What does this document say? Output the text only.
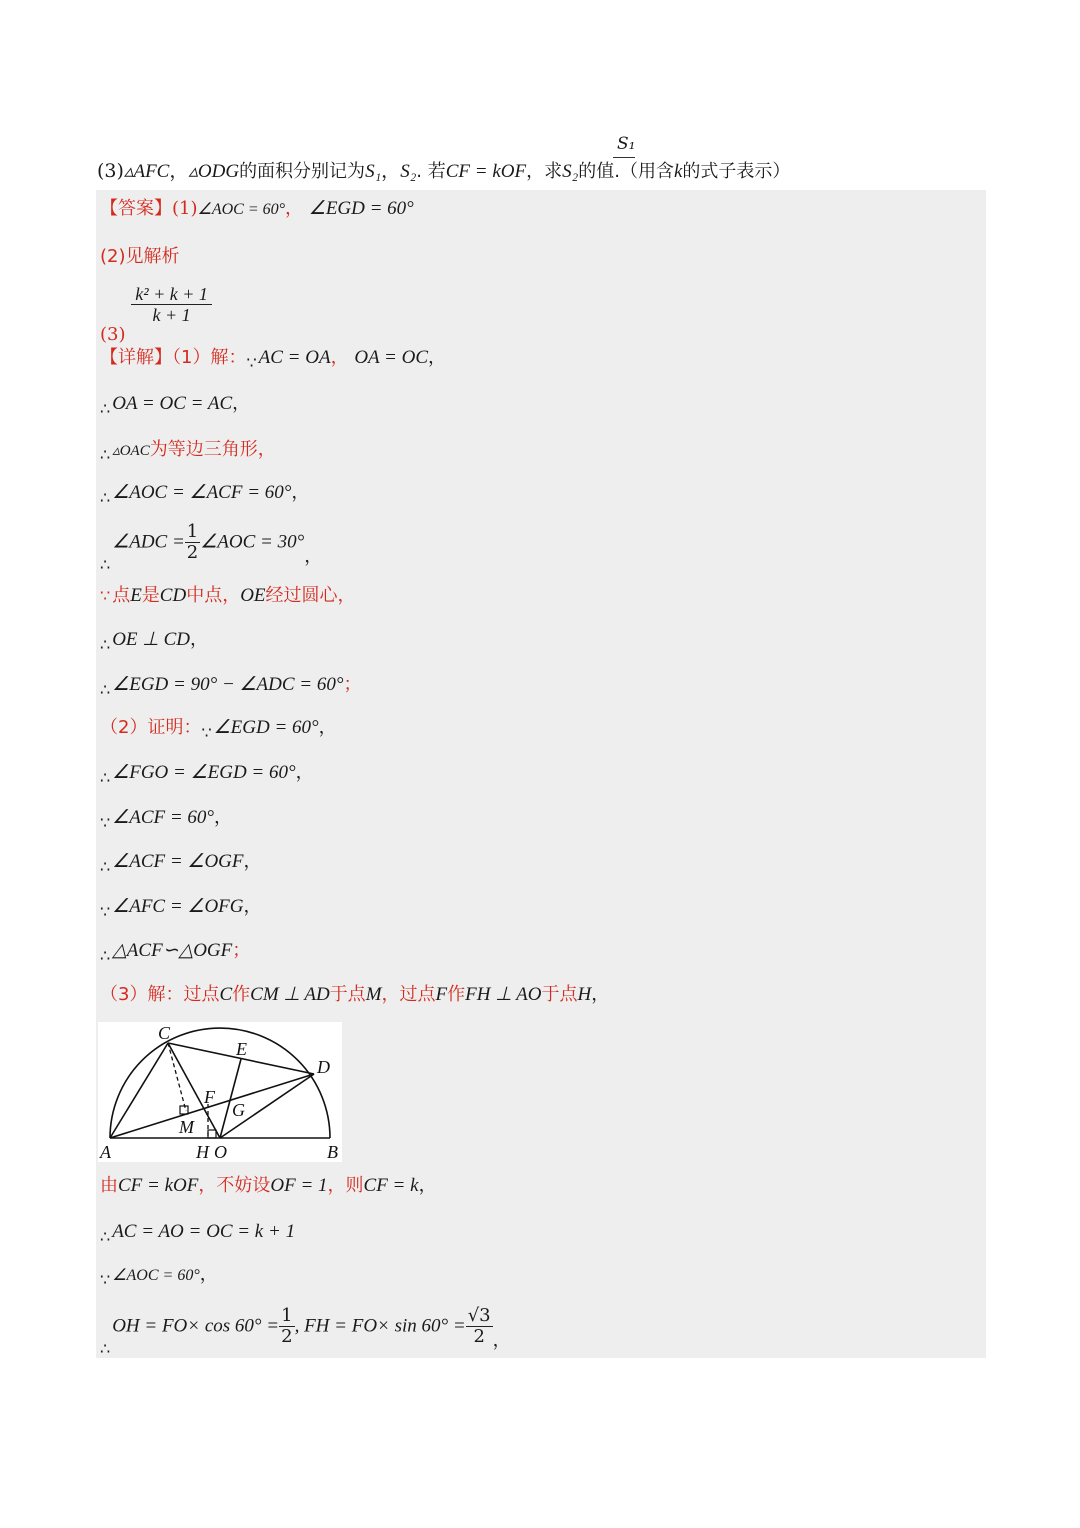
(3)▵AFC，▵ODG的面积分别记为S₁，S₂. 若CF = kOF，求S₂的值.（用含k的式子表示）
S₁
【答案】(1)∠AOC = 60°， ∠EGD = 60°
(2)见解析
(3)
$\frac{\text{k² + k + 1}}{k + 1}$
【详解】（1）解：∵ AC = OA， OA = OC，
∴ OA = OC = AC，
∴ ▵OAC为等边三角形，
∴ ∠AOC = ∠ACF = 60°，
∴∠ADC = $\frac{1}{2}$ ∠AOC = 30°，
∵ 点E是CD中点，OE经过圆心，
∴ OE ⊥ CD，
∴ ∠EGD = 90° − ∠ADC = 60°；
（2）证明：∵ ∠EGD = 60°，
∴ ∠FGO = ∠EGD = 60°，
∵ ∠ACF = 60°，
∴ ∠ACF = ∠OGF，
∵ ∠AFC = ∠OFG，
∴ △ACF∽△OGF；
（3）解：过点C作CM ⊥ AD于点M，过点F作FH ⊥ AO于点H，
C
E
D
F
G
M
A	H O	B
由CF = kOF，不妨设OF = 1，则CF = k，
∴ AC = AO = OC = k + 1
∵ ∠AOC = 60°，
∴OH = $FO\times \cos 60^\circ = \frac{1}{2}$ , FH = $FO\times \sin 60^\circ = \frac{√3}{2}$ ，
